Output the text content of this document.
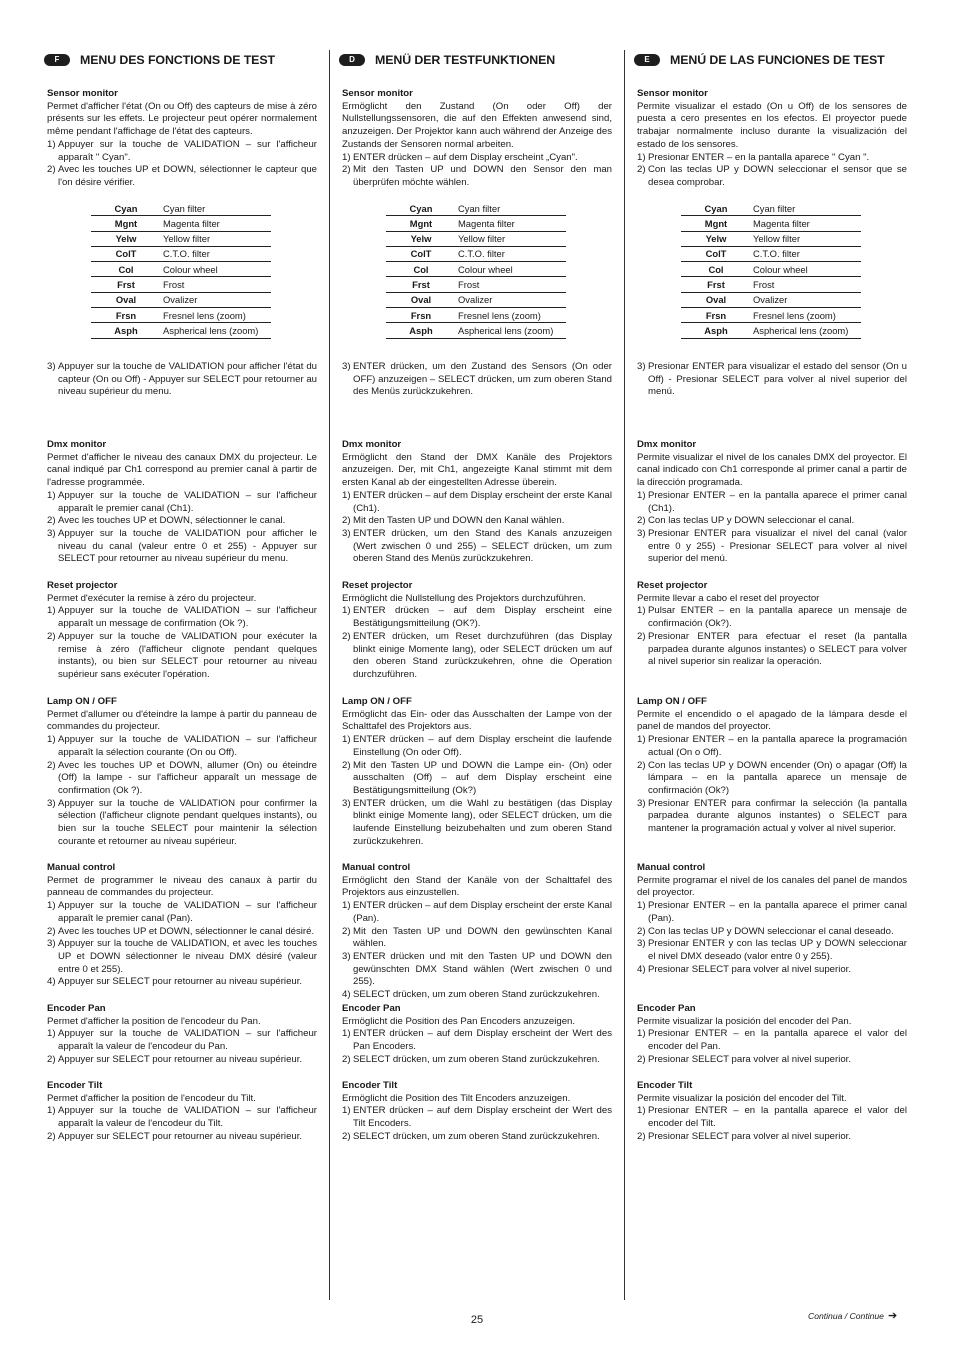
F	MENU DES FONCTIONS DE TEST
Sensor monitor

Permet d'afficher l'état (On ou Off) des capteurs de mise à zéro présents sur les effets. Le projecteur peut opérer normalement même pendant l'affichage de l'état des capteurs.

1) Appuyer sur la touche de VALIDATION – sur l'afficheur apparaît " Cyan".
2) Avec les touches UP et DOWN, sélectionner le capteur que l'on désire vérifier.
Cyan	Cyan filter
Mgnt	Magenta filter
Yelw	Yellow filter
ColT	C.T.O. filter
Col	Colour wheel
Frst	Frost
Oval	Ovalizer
Frsn	Fresnel lens (zoom)
Asph	Aspherical lens (zoom)
3) Appuyer sur la touche de VALIDATION pour afficher l'état du capteur (On ou Off) - Appuyer sur SELECT pour retourner au niveau supérieur du menu.
Dmx monitor

Permet d'afficher le niveau des canaux DMX du projecteur. Le canal indiqué par Ch1 correspond au premier canal à partir de l'adresse programmée.

1) Appuyer sur la touche de VALIDATION – sur l'afficheur apparaît le premier canal (Ch1).
2) Avec les touches UP et DOWN, sélectionner le canal.
3) Appuyer sur la touche de VALIDATION pour afficher le niveau du canal (valeur entre 0 et 255) - Appuyer sur SELECT pour retourner au niveau supérieur du menu.
Reset projector

Permet d'exécuter la remise à zéro du projecteur.

1) Appuyer sur la touche de VALIDATION – sur l'afficheur apparaît un message de confirmation (Ok ?).
2) Appuyer sur la touche de VALIDATION pour exécuter la remise à zéro (l'afficheur clignote pendant quelques instants), ou bien sur SELECT pour retourner au niveau supérieur sans exécuter l'opération.
Lamp ON / OFF

Permet d'allumer ou d'éteindre la lampe à partir du panneau de commandes du projecteur.

1) Appuyer sur la touche de VALIDATION – sur l'afficheur apparaît la sélection courante (On ou Off).
2) Avec les touches UP et DOWN, allumer (On) ou éteindre (Off) la lampe - sur l'afficheur apparaît un message de confirmation (Ok ?).
3) Appuyer sur la touche de VALIDATION pour confirmer la sélection (l'afficheur clignote pendant quelques instants), ou bien sur la touche SELECT pour maintenir la sélection courante et retourner au niveau supérieur.
Manual control

Permet de programmer le niveau des canaux à partir du panneau de commandes du projecteur.

1) Appuyer sur la touche de VALIDATION – sur l'afficheur apparaît le premier canal (Pan).
2) Avec les touches UP et DOWN, sélectionner le canal désiré.
3) Appuyer sur la touche de VALIDATION, et avec les touches UP et DOWN sélectionner le niveau DMX désiré (valeur entre 0 et 255).
4) Appuyer sur SELECT pour retourner au niveau supérieur.
Encoder Pan

Permet d'afficher la position de l'encodeur du Pan.

1) Appuyer sur la touche de VALIDATION – sur l'afficheur apparaît la valeur de l'encodeur du Pan.
2) Appuyer sur SELECT pour retourner au niveau supérieur.
Encoder Tilt

Permet d'afficher la position de l'encodeur du Tilt.

1) Appuyer sur la touche de VALIDATION – sur l'afficheur apparaît la valeur de l'encodeur du Tilt.
2) Appuyer sur SELECT pour retourner au niveau supérieur.
D	MENÜ DER TESTFUNKTIONEN
Sensor monitor

Ermöglicht den Zustand (On oder Off) der Nullstellungssensoren, die auf den Effekten anwesend sind, anzuzeigen. Der Projektor kann auch während der Anzeige des Zustands der Sensoren normal arbeiten.

1) ENTER drücken – auf dem Display erscheint „Cyan".
2) Mit den Tasten UP und DOWN den Sensor den man überprüfen möchte wählen.
Cyan	Cyan filter
Mgnt	Magenta filter
Yelw	Yellow filter
ColT	C.T.O. filter
Col	Colour wheel
Frst	Frost
Oval	Ovalizer
Frsn	Fresnel lens (zoom)
Asph	Aspherical lens (zoom)
3) ENTER drücken, um den Zustand des Sensors (On oder OFF) anzuzeigen – SELECT drücken, um zum oberen Stand des Menüs zurückzukehren.
Dmx monitor

Ermöglicht den Stand der DMX Kanäle des Projektors anzuzeigen. Der, mit Ch1, angezeigte Kanal stimmt mit dem ersten Kanal ab der eingestellten Adresse überein.

1) ENTER drücken – auf dem Display erscheint der erste Kanal (Ch1).
2) Mit den Tasten UP und DOWN den Kanal wählen.
3) ENTER drücken, um den Stand des Kanals anzuzeigen (Wert zwischen 0 und 255) – SELECT drücken, um zum oberen Stand des Menüs zurückzukehren.
Reset projector

Ermöglicht die Nullstellung des Projektors durchzuführen.

1) ENTER drücken – auf dem Display erscheint eine Bestätigungsmitteilung (OK?).
2) ENTER drücken, um Reset durchzuführen (das Display blinkt einige Momente lang), oder SELECT drücken um auf den oberen Stand zurückzukehren, ohne die Operation durchzuführen.
Lamp ON / OFF

Ermöglicht das Ein- oder das Ausschalten der Lampe von der Schalttafel des Projektors aus.

1) ENTER drücken – auf dem Display erscheint die laufende Einstellung (On oder Off).
2) Mit den Tasten UP und DOWN die Lampe ein- (On) oder ausschalten (Off) – auf dem Display erscheint eine Bestätigungsmitteilung (Ok?)
3) ENTER drücken, um die Wahl zu bestätigen (das Display blinkt einige Momente lang), oder SELECT drücken, um die laufende Einstellung beizubehalten und zum oberen Stand zurückzukehren.
Manual control

Ermöglicht den Stand der Kanäle von der Schalttafel des Projektors aus einzustellen.

1) ENTER drücken – auf dem Display erscheint der erste Kanal (Pan).
2) Mit den Tasten UP und DOWN den gewünschten Kanal wählen.
3) ENTER drücken und mit den Tasten UP und DOWN den gewünschten DMX Stand wählen (Wert zwischen 0 und 255).
4) SELECT drücken, um zum oberen Stand zurückzukehren.
Encoder Pan

Ermöglicht die Position des Pan Encoders anzuzeigen.

1) ENTER drücken – auf dem Display erscheint der Wert des Pan Encoders.
2) SELECT drücken, um zum oberen Stand zurückzukehren.
Encoder Tilt

Ermöglicht die Position des Tilt Encoders anzuzeigen.

1) ENTER drücken – auf dem Display erscheint der Wert des Tilt Encoders.
2) SELECT drücken, um zum oberen Stand zurückzukehren.
E	MENÚ DE LAS FUNCIONES DE TEST
Sensor monitor

Permite visualizar el estado (On u Off) de los sensores de puesta a cero presentes en los efectos. El proyector puede trabajar normalmente incluso durante la visualización del estado de los sensores.

1) Presionar ENTER – en la pantalla aparece " Cyan ".
2) Con las teclas UP y DOWN seleccionar el sensor que se desea comprobar.
Cyan	Cyan filter
Mgnt	Magenta filter
Yelw	Yellow filter
ColT	C.T.O. filter
Col	Colour wheel
Frst	Frost
Oval	Ovalizer
Frsn	Fresnel lens (zoom)
Asph	Aspherical lens (zoom)
3) Presionar ENTER para visualizar el estado del sensor (On u Off) - Presionar SELECT para volver al nivel superior del menú.
Dmx monitor

Permite visualizar el nivel de los canales DMX del proyector. El canal indicado con Ch1 corresponde al primer canal a partir de la dirección programada.

1) Presionar ENTER – en la pantalla aparece el primer canal (Ch1).
2) Con las teclas UP y DOWN seleccionar el canal.
3) Presionar ENTER para visualizar el nivel del canal (valor entre 0 y 255) - Presionar SELECT para volver al nivel superior del menú.
Reset projector

Permite llevar a cabo el reset del proyector

1) Pulsar ENTER – en la pantalla aparece un mensaje de confirmación (Ok?).
2) Presionar ENTER para efectuar el reset (la pantalla parpadea durante algunos instantes) o SELECT para volver al nivel superior sin realizar la operación.
Lamp ON / OFF

Permite el encendido o el apagado de la lámpara desde el panel de mandos del proyector.

1) Presionar ENTER – en la pantalla aparece la programación actual (On o Off).
2) Con las teclas UP y DOWN encender (On) o apagar (Off) la lámpara – en la pantalla aparece un mensaje de confirmación (Ok?)
3) Presionar ENTER para confirmar la selección (la pantalla parpadea durante algunos instantes) o SELECT para mantener la programación actual y volver al nivel superior.
Manual control

Permite programar el nivel de los canales del panel de mandos del proyector.

1) Presionar ENTER – en la pantalla aparece el primer canal (Pan).
2) Con las teclas UP y DOWN seleccionar el canal deseado.
3) Presionar ENTER y con las teclas UP y DOWN seleccionar el nivel DMX deseado (valor entre 0 y 255).
4) Presionar SELECT para volver al nivel superior.
Encoder Pan

Permite visualizar la posición del encoder del Pan.

1) Presionar ENTER – en la pantalla aparece el valor del encoder del Pan.
2) Presionar SELECT para volver al nivel superior.
Encoder Tilt

Permite visualizar la posición del encoder del Tilt.

1) Presionar ENTER – en la pantalla aparece el valor del encoder del Tilt.
2) Presionar SELECT para volver al nivel superior.
25	Continua / Continue ➔
